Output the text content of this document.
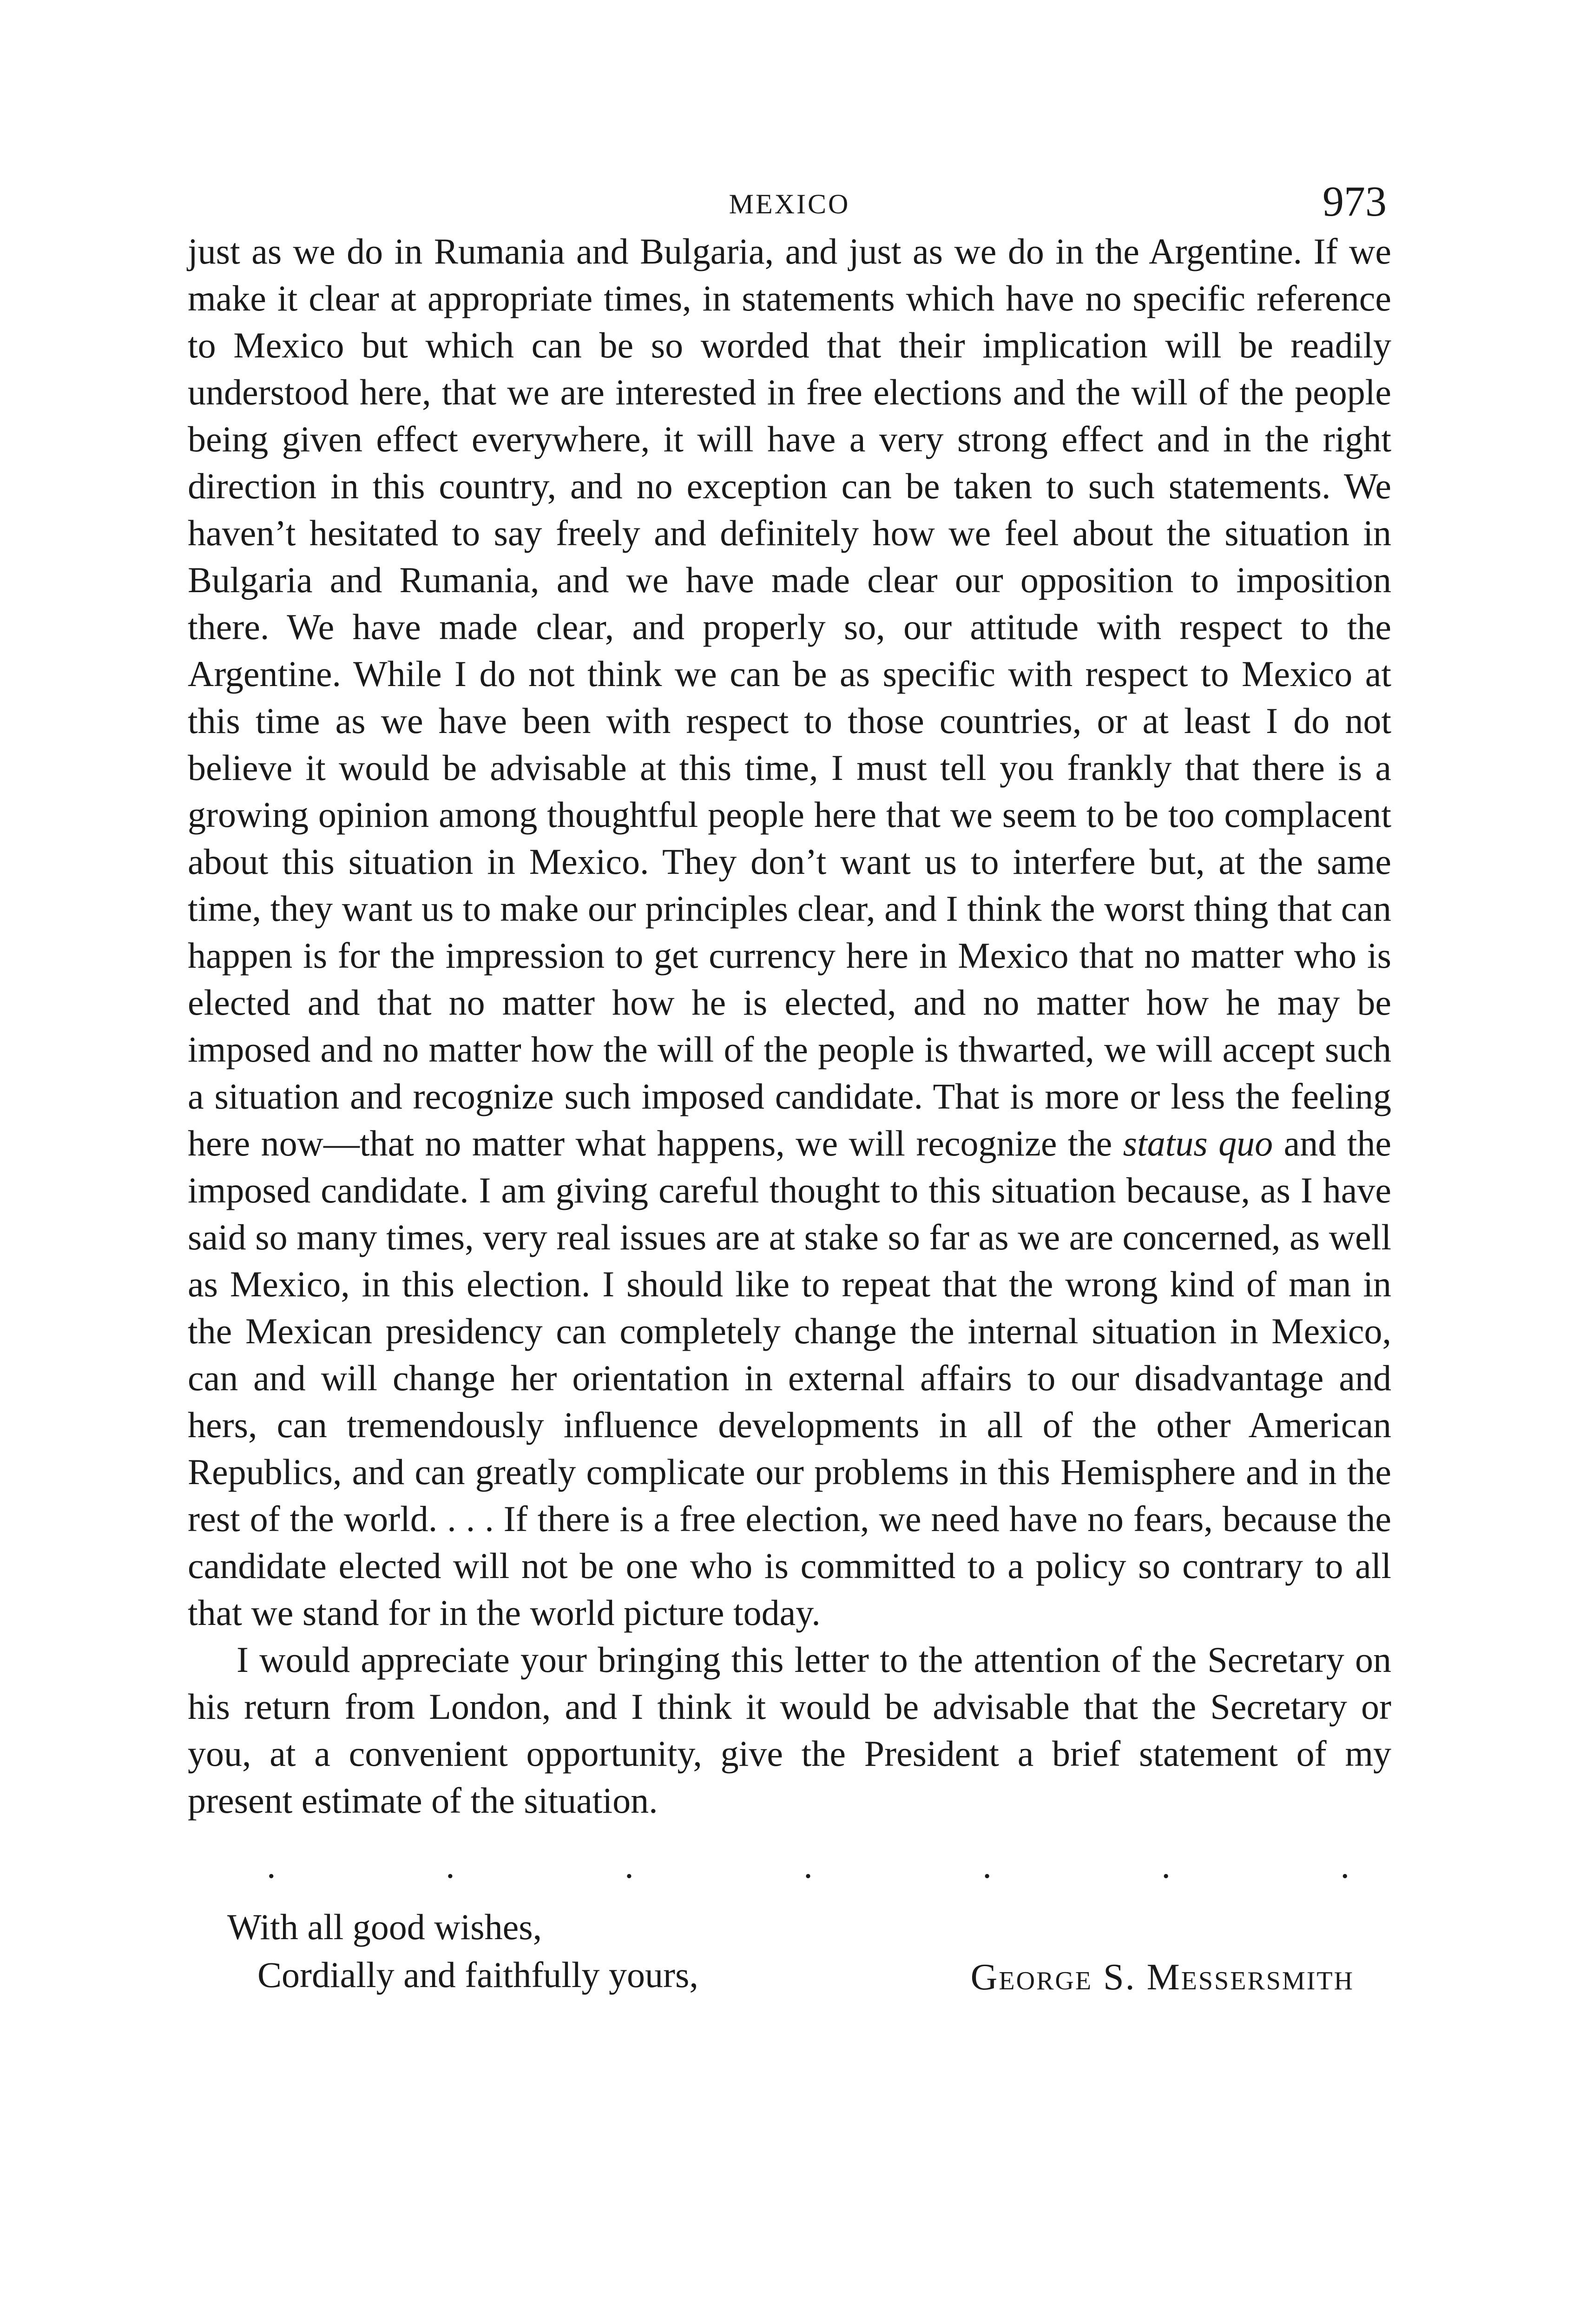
MEXICO	973

just as we do in Rumania and Bulgaria, and just as we do in the Argentine. If we make it clear at appropriate times, in statements which have no specific reference to Mexico but which can be so worded that their implication will be readily understood here, that we are interested in free elections and the will of the people being given effect everywhere, it will have a very strong effect and in the right direction in this country, and no exception can be taken to such statements. We haven’t hesitated to say freely and definitely how we feel about the situation in Bulgaria and Rumania, and we have made clear our opposition to imposition there. We have made clear, and properly so, our attitude with respect to the Argentine. While I do not think we can be as specific with respect to Mexico at this time as we have been with respect to those countries, or at least I do not believe it would be advisable at this time, I must tell you frankly that there is a growing opinion among thoughtful people here that we seem to be too complacent about this situation in Mexico. They don’t want us to interfere but, at the same time, they want us to make our principles clear, and I think the worst thing that can happen is for the impression to get currency here in Mexico that no matter who is elected and that no matter how he is elected, and no matter how he may be imposed and no matter how the will of the people is thwarted, we will accept such a situation and recognize such imposed candidate. That is more or less the feeling here now—that no matter what happens, we will recognize the status quo and the imposed candidate. I am giving careful thought to this situation because, as I have said so many times, very real issues are at stake so far as we are concerned, as well as Mexico, in this election. I should like to repeat that the wrong kind of man in the Mexican presidency can completely change the internal situation in Mexico, can and will change her orientation in external affairs to our disadvantage and hers, can tremendously influence developments in all of the other American Republics, and can greatly complicate our problems in this Hemisphere and in the rest of the world. . . . If there is a free election, we need have no fears, because the candidate elected will not be one who is committed to a policy so contrary to all that we stand for in the world picture today.

I would appreciate your bringing this letter to the attention of the Secretary on his return from London, and I think it would be advisable that the Secretary or you, at a convenient opportunity, give the President a brief statement of my present estimate of the situation.

.	.	.	.	.	.	.
With all good wishes,
Cordially and faithfully yours,	George S. Messersmith
